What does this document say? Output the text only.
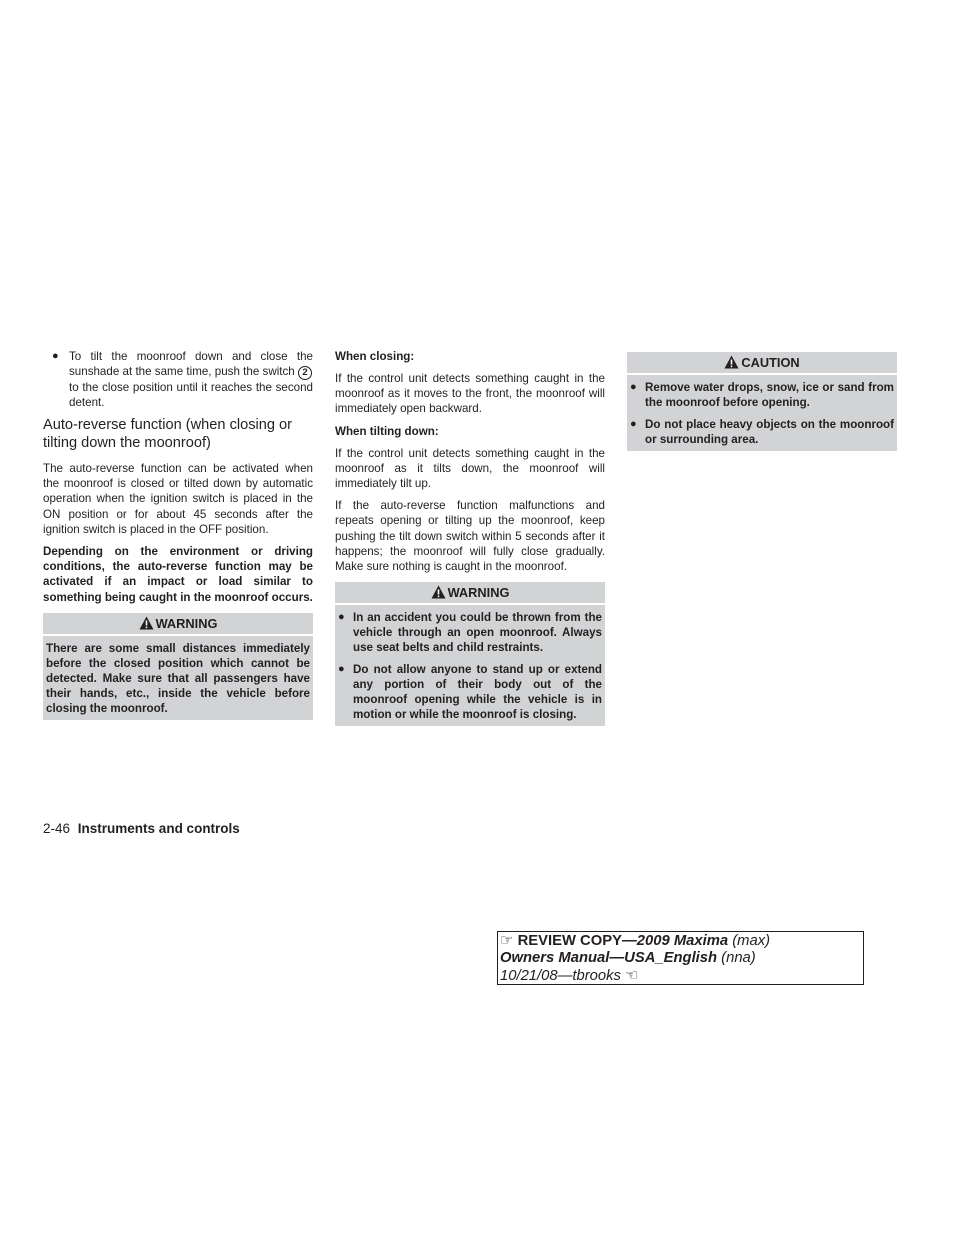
● To tilt the moonroof down and close the sunshade at the same time, push the switch 2 to the close position until it reaches the second detent.
Auto-reverse function (when closing or tilting down the moonroof)

The auto-reverse function can be activated when the moonroof is closed or tilted down by automatic operation when the ignition switch is placed in the ON position or for about 45 seconds after the ignition switch is placed in the OFF position.

Depending on the environment or driving conditions, the auto-reverse function may be activated if an impact or load similar to something being caught in the moonroof occurs.

WARNING

There are some small distances immediately before the closed position which cannot be detected. Make sure that all passengers have their hands, etc., inside the vehicle before closing the moonroof.

When closing:

If the control unit detects something caught in the moonroof as it moves to the front, the moonroof will immediately open backward.

When tilting down:

If the control unit detects something caught in the moonroof as it tilts down, the moonroof will immediately tilt up.

If the auto-reverse function malfunctions and repeats opening or tilting up the moonroof, keep pushing the tilt down switch within 5 seconds after it happens; the moonroof will fully close gradually. Make sure nothing is caught in the moonroof.

WARNING
● In an accident you could be thrown from the vehicle through an open moonroof. Always use seat belts and child restraints.
● Do not allow anyone to stand up or extend any portion of their body out of the moonroof opening while the vehicle is in motion or while the moonroof is closing.
CAUTION
● Remove water drops, snow, ice or sand from the moonroof before opening.
● Do not place heavy objects on the moonroof or surrounding area.
2-46 Instruments and controls
☞ REVIEW COPY—2009 Maxima (max)
Owners Manual—USA_English (nna)
10/21/08—tbrooks ☜
